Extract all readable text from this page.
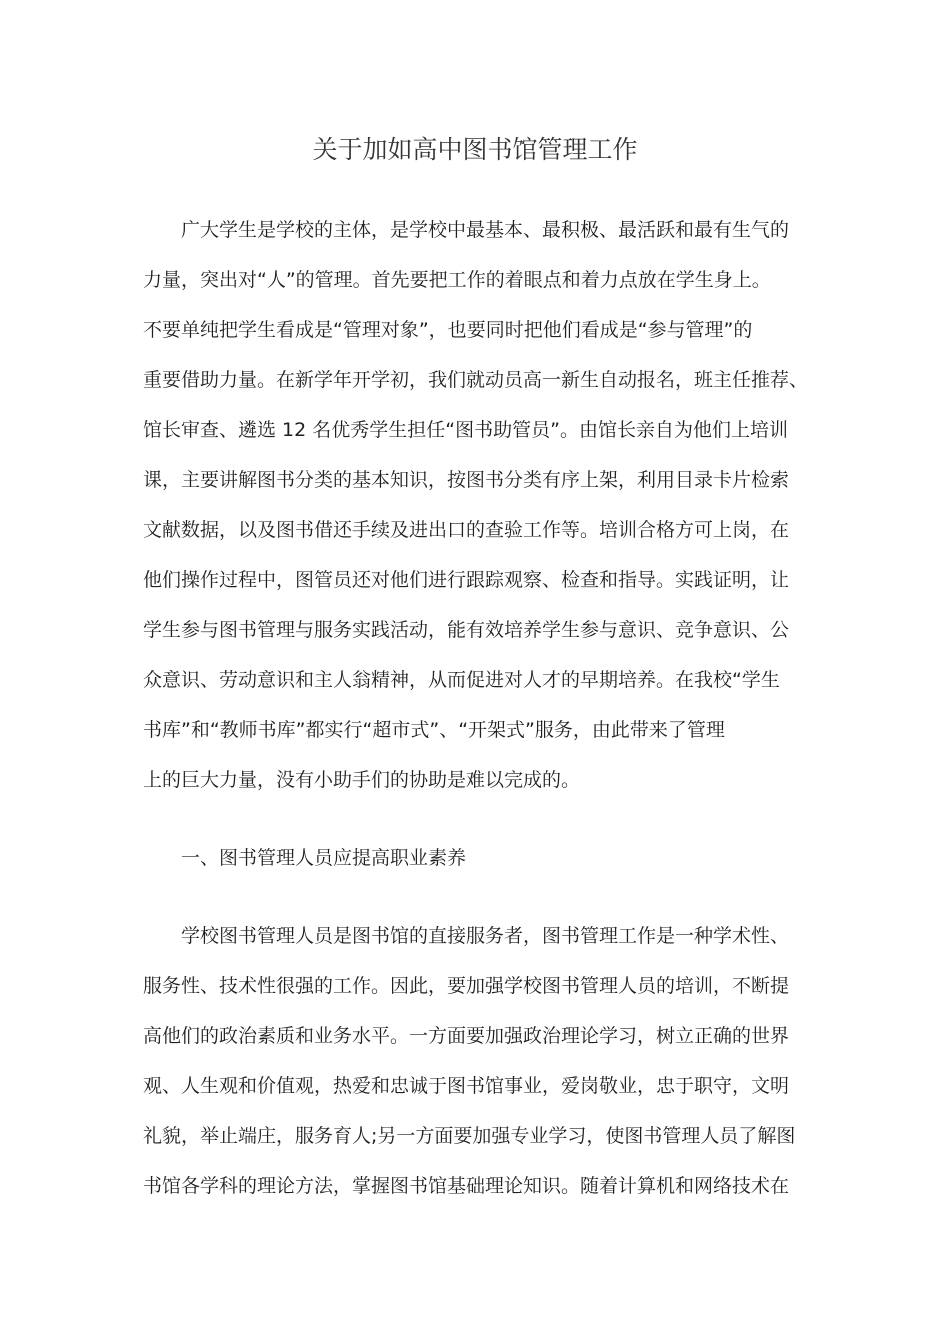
关于加如高中图书馆管理工作
广大学生是学校的主体，是学校中最基本、最积极、最活跃和最有生气的
力量，突出对“人”的管理。首先要把工作的着眼点和着力点放在学生身上。
不要单纯把学生看成是“管理对象”，也要同时把他们看成是“参与管理”的
重要借助力量。在新学年开学初，我们就动员高一新生自动报名，班主任推荐、
馆长审查、遴选 12 名优秀学生担任“图书助管员”。由馆长亲自为他们上培训
课，主要讲解图书分类的基本知识，按图书分类有序上架，利用目录卡片检索
文献数据，以及图书借还手续及进出口的查验工作等。培训合格方可上岗，在
他们操作过程中，图管员还对他们进行跟踪观察、检查和指导。实践证明，让
学生参与图书管理与服务实践活动，能有效培养学生参与意识、竞争意识、公
众意识、劳动意识和主人翁精神，从而促进对人才的早期培养。在我校“学生
书库”和“教师书库”都实行“超市式”、“开架式”服务，由此带来了管理
上的巨大力量，没有小助手们的协助是难以完成的。
一、图书管理人员应提高职业素养
学校图书管理人员是图书馆的直接服务者，图书管理工作是一种学术性、
服务性、技术性很强的工作。因此，要加强学校图书管理人员的培训，不断提
高他们的政治素质和业务水平。一方面要加强政治理论学习，树立正确的世界
观、人生观和价值观，热爱和忠诚于图书馆事业，爱岗敬业，忠于职守，文明
礼貌，举止端庄，服务育人;另一方面要加强专业学习，使图书管理人员了解图
书馆各学科的理论方法，掌握图书馆基础理论知识。随着计算机和网络技术在
